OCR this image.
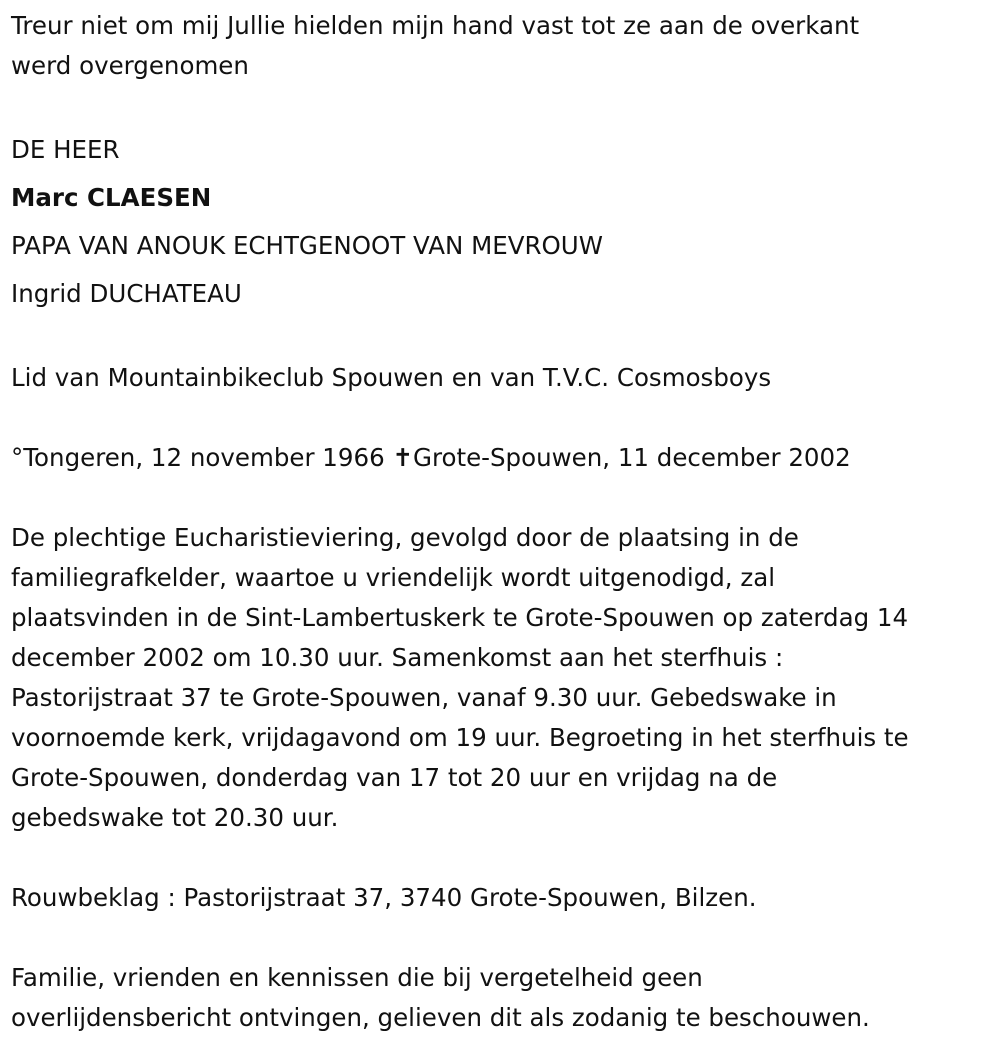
Treur niet om mij Jullie hielden mijn hand vast tot ze aan de overkant
werd overgenomen
DE HEER
Marc CLAESEN
PAPA VAN ANOUK ECHTGENOOT VAN MEVROUW
Ingrid DUCHATEAU
Lid van Mountainbikeclub Spouwen en van T.V.C. Cosmosboys
°Tongeren, 12 november 1966 ✝Grote-Spouwen, 11 december 2002
De plechtige Eucharistieviering, gevolgd door de plaatsing in de
familiegrafkelder, waartoe u vriendelijk wordt uitgenodigd, zal
plaatsvinden in de Sint-Lambertuskerk te Grote-Spouwen op zaterdag 14
december 2002 om 10.30 uur. Samenkomst aan het sterfhuis :
Pastorijstraat 37 te Grote-Spouwen, vanaf 9.30 uur. Gebedswake in
voornoemde kerk, vrijdagavond om 19 uur. Begroeting in het sterfhuis te
Grote-Spouwen, donderdag van 17 tot 20 uur en vrijdag na de
gebedswake tot 20.30 uur.
Rouwbeklag : Pastorijstraat 37, 3740 Grote-Spouwen, Bilzen.
Familie, vrienden en kennissen die bij vergetelheid geen
overlijdensbericht ontvingen, gelieven dit als zodanig te beschouwen.
